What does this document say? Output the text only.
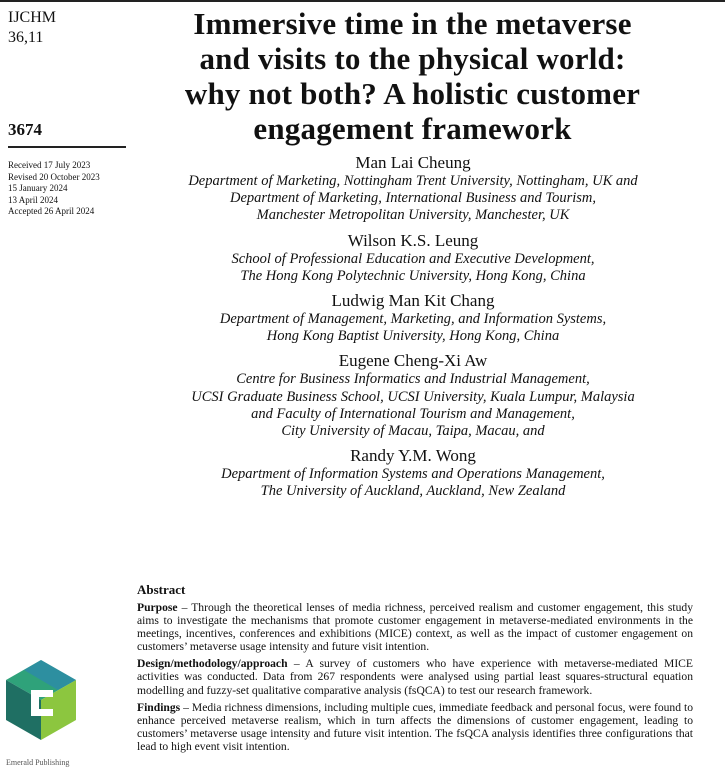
IJCHM
36,11
3674
Received 17 July 2023
Revised 20 October 2023
15 January 2024
13 April 2024
Accepted 26 April 2024
Immersive time in the metaverse
and visits to the physical world:
why not both? A holistic customer
engagement framework
Man Lai Cheung
Department of Marketing, Nottingham Trent University, Nottingham, UK and
Department of Marketing, International Business and Tourism,
Manchester Metropolitan University, Manchester, UK
Wilson K.S. Leung
School of Professional Education and Executive Development,
The Hong Kong Polytechnic University, Hong Kong, China
Ludwig Man Kit Chang
Department of Management, Marketing, and Information Systems,
Hong Kong Baptist University, Hong Kong, China
Eugene Cheng-Xi Aw
Centre for Business Informatics and Industrial Management,
UCSI Graduate Business School, UCSI University, Kuala Lumpur, Malaysia
and Faculty of International Tourism and Management,
City University of Macau, Taipa, Macau, and
Randy Y.M. Wong
Department of Information Systems and Operations Management,
The University of Auckland, Auckland, New Zealand
Abstract

Purpose – Through the theoretical lenses of media richness, perceived realism and customer engagement, this study aims to investigate the mechanisms that promote customer engagement in metaverse-mediated environments in the meetings, incentives, conferences and exhibitions (MICE) context, as well as the impact of customer engagement on customers’ metaverse usage intensity and future visit intention.

Design/methodology/approach – A survey of customers who have experience with metaverse-mediated MICE activities was conducted. Data from 267 respondents were analysed using partial least squares-structural equation modelling and fuzzy-set qualitative comparative analysis (fsQCA) to test our research framework.

Findings – Media richness dimensions, including multiple cues, immediate feedback and personal focus, were found to enhance perceived metaverse realism, which in turn affects the dimensions of customer engagement, leading to customers’ metaverse usage intensity and future visit intention. The fsQCA analysis identifies three configurations that lead to high event visit intention.

Emerald Publishing
